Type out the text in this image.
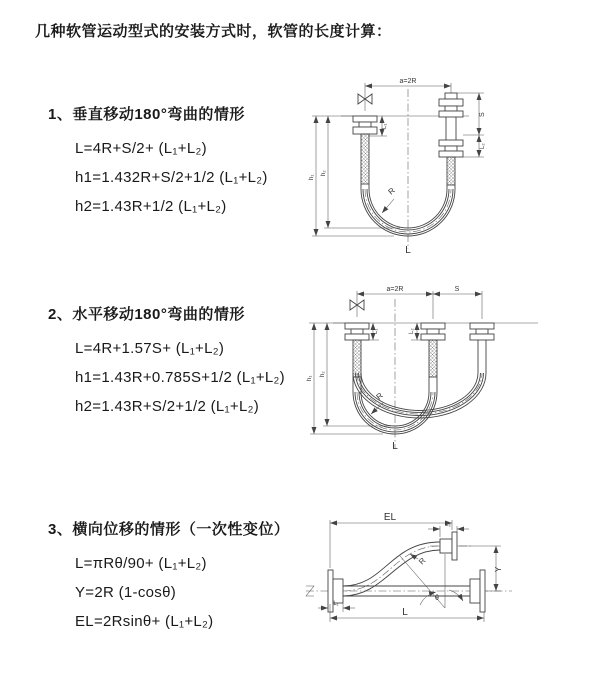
几种软管运动型式的安装方式时，软管的长度计算：
1、垂直移动180°弯曲的情形
L=4R+S/2+ (L₁+L₂)
h1=1.432R+S/2+1/2 (L₁+L₂)
h2=1.43R+1/2 (L₁+L₂)
2、水平移动180°弯曲的情形
L=4R+1.57S+ (L₁+L₂)
h1=1.43R+0.785S+1/2 (L₁+L₂)
h2=1.43R+S/2+1/2 (L₁+L₂)
3、横向位移的情形（一次性变位）
L=πRθ/90+ (L₁+L₂)
Y=2R (1-cosθ)
EL=2Rsinθ+ (L₁+L₂)
a=2R
S
L₂
L₁
h₂
h₁
R
L
a=2R	S
L₁	L₂
h₁
h₂
R
L
EL
L₂
Y
R
θ
L₁
L
